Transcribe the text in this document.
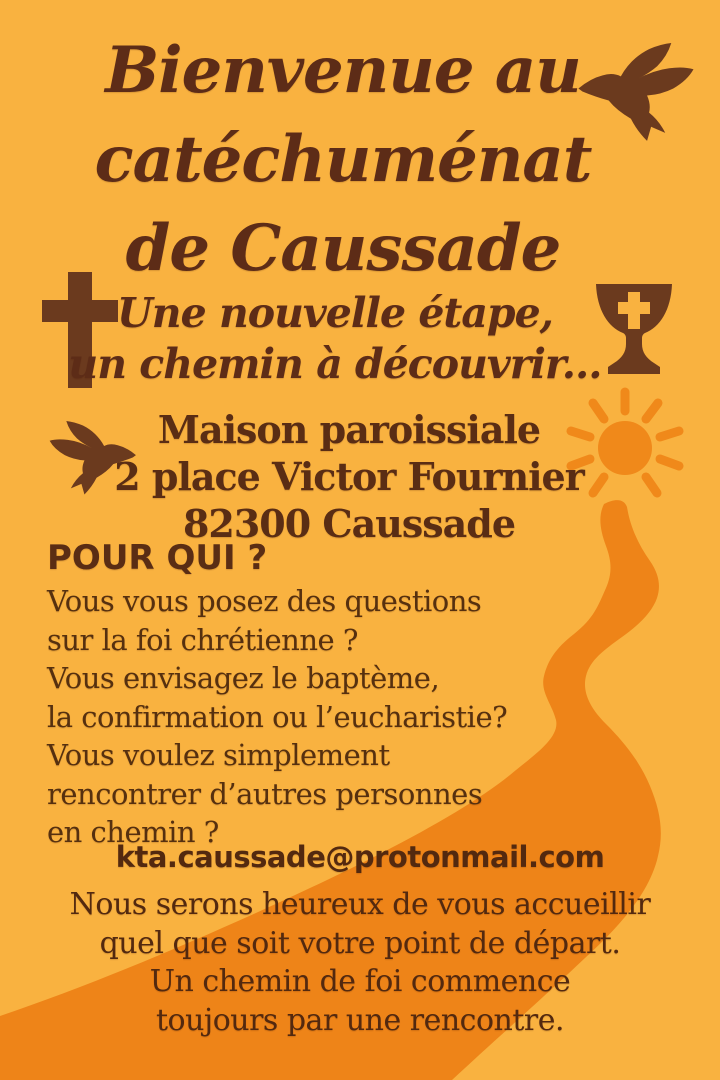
Bienvenue au
catéchuménat
de Caussade
Une nouvelle étape,
un chemin à découvrir...
Maison paroissiale
2 place Victor Fournier
82300 Caussade
POUR QUI ?
Vous vous posez des questions
sur la foi chrétienne ?
Vous envisagez le baptème,
la confirmation ou l’eucharistie?
Vous voulez simplement
rencontrer d’autres personnes
en chemin ?
kta.caussade@protonmail.com
Nous serons heureux de vous accueillir
quel que soit votre point de départ.
Un chemin de foi commence
toujours par une rencontre.
